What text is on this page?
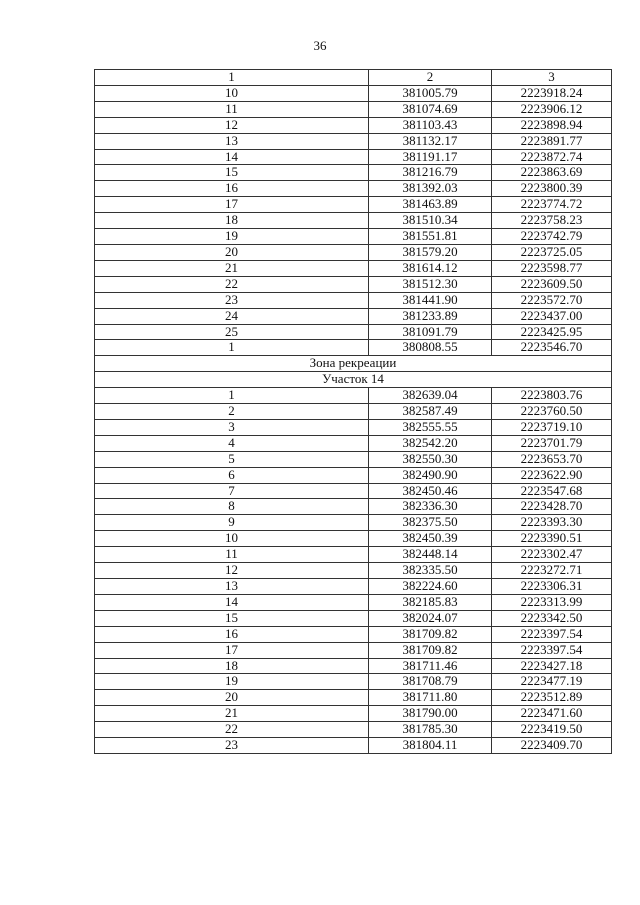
36
1	2	3
10	381005.79	2223918.24
11	381074.69	2223906.12
12	381103.43	2223898.94
13	381132.17	2223891.77
14	381191.17	2223872.74
15	381216.79	2223863.69
16	381392.03	2223800.39
17	381463.89	2223774.72
18	381510.34	2223758.23
19	381551.81	2223742.79
20	381579.20	2223725.05
21	381614.12	2223598.77
22	381512.30	2223609.50
23	381441.90	2223572.70
24	381233.89	2223437.00
25	381091.79	2223425.95
1	380808.55	2223546.70
Зона рекреации		
Участок 14		
1	382639.04	2223803.76
2	382587.49	2223760.50
3	382555.55	2223719.10
4	382542.20	2223701.79
5	382550.30	2223653.70
6	382490.90	2223622.90
7	382450.46	2223547.68
8	382336.30	2223428.70
9	382375.50	2223393.30
10	382450.39	2223390.51
11	382448.14	2223302.47
12	382335.50	2223272.71
13	382224.60	2223306.31
14	382185.83	2223313.99
15	382024.07	2223342.50
16	381709.82	2223397.54
17	381709.82	2223397.54
18	381711.46	2223427.18
19	381708.79	2223477.19
20	381711.80	2223512.89
21	381790.00	2223471.60
22	381785.30	2223419.50
23	381804.11	2223409.70
